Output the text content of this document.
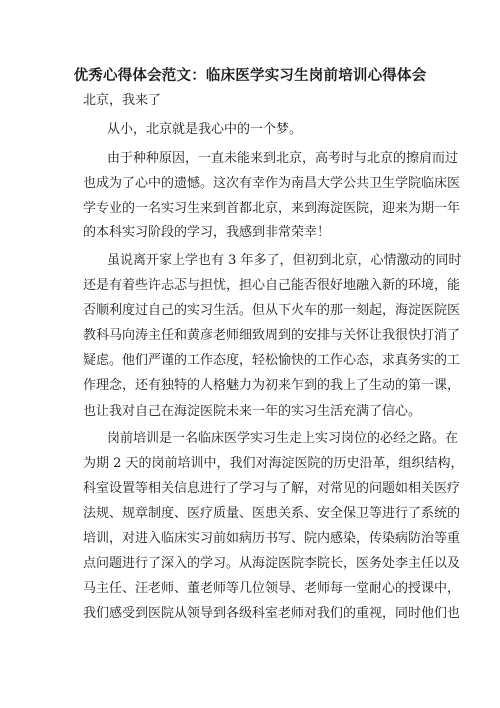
优秀心得体会范文：临床医学实习生岗前培训心得体会
北京，我来了
从小，北京就是我心中的一个梦。
由于种种原因，一直未能来到北京，高考时与北京的擦肩而过
也成为了心中的遗憾。这次有幸作为南昌大学公共卫生学院临床医
学专业的一名实习生来到首都北京，来到海淀医院，迎来为期一年
的本科实习阶段的学习，我感到非常荣幸！
虽说离开家上学也有 3 年多了，但初到北京，心情激动的同时
还是有着些许忐忑与担忧，担心自己能否很好地融入新的环境，能
否顺利度过自己的实习生活。但从下火车的那一刻起，海淀医院医
教科马向涛主任和黄彦老师细致周到的安排与关怀让我很快打消了
疑虑。他们严谨的工作态度，轻松愉快的工作心态，求真务实的工
作理念，还有独特的人格魅力为初来乍到的我上了生动的第一课，
也让我对自己在海淀医院未来一年的实习生活充满了信心。
岗前培训是一名临床医学实习生走上实习岗位的必经之路。在
为期 2 天的岗前培训中，我们对海淀医院的历史沿革，组织结构，
科室设置等相关信息进行了学习与了解，对常见的问题如相关医疗
法规、规章制度、医疗质量、医患关系、安全保卫等进行了系统的
培训，对进入临床实习前如病历书写、院内感染，传染病防治等重
点问题进行了深入的学习。从海淀医院李院长，医务处李主任以及
马主任、汪老师、董老师等几位领导、老师每一堂耐心的授课中，
我们感受到医院从领导到各级科室老师对我们的重视，同时他们也
